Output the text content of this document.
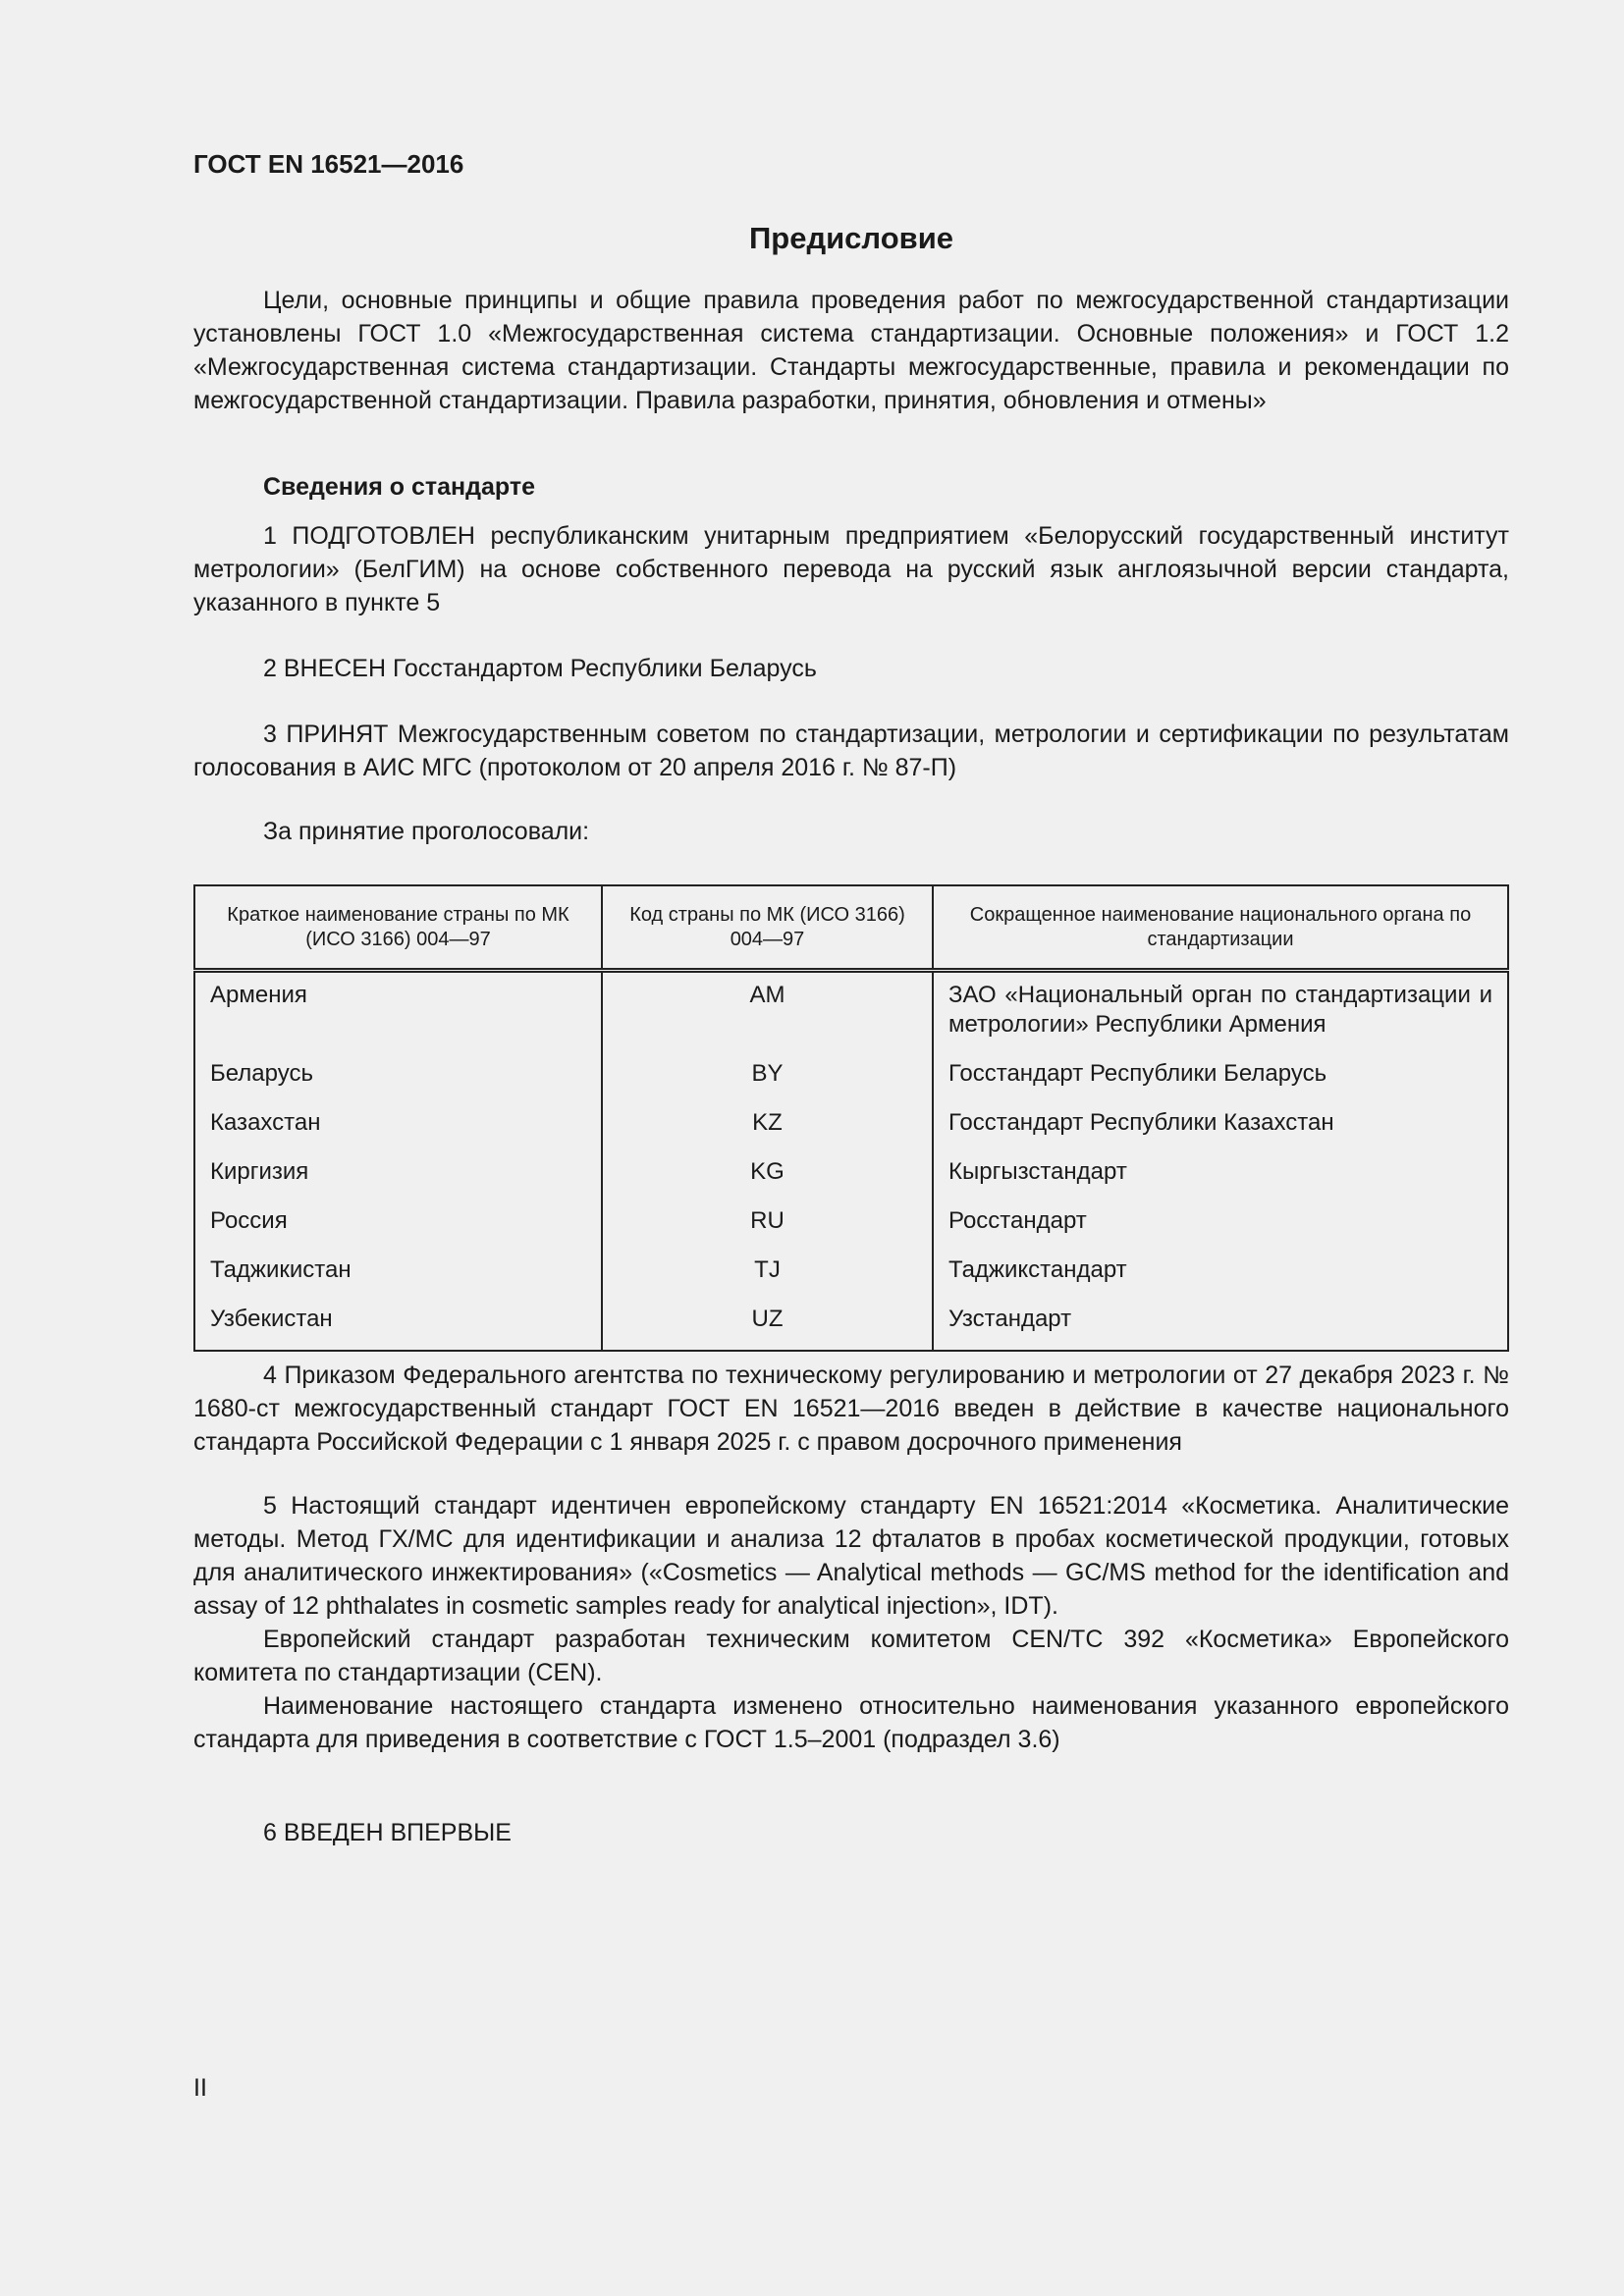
ГОСТ EN 16521—2016
Предисловие

Цели, основные принципы и общие правила проведения работ по межгосударственной стандартизации установлены ГОСТ 1.0 «Межгосударственная система стандартизации. Основные положения» и ГОСТ 1.2 «Межгосударственная система стандартизации. Стандарты межгосударственные, правила и рекомендации по межгосударственной стандартизации. Правила разработки, принятия, обновления и отмены»

Сведения о стандарте

1 ПОДГОТОВЛЕН республиканским унитарным предприятием «Белорусский государственный институт метрологии» (БелГИМ) на основе собственного перевода на русский язык англоязычной версии стандарта, указанного в пункте 5

2 ВНЕСЕН Госстандартом Республики Беларусь

3 ПРИНЯТ Межгосударственным советом по стандартизации, метрологии и сертификации по результатам голосования в АИС МГС (протоколом от 20 апреля 2016 г. № 87-П)

За принятие проголосовали:

Краткое наименование страны по МК (ИСО 3166) 004—97	Код страны по МК (ИСО 3166) 004—97	Сокращенное наименование национального органа по стандартизации
Армения	AM	ЗАО «Национальный орган по стандартизации и метрологии» Республики Армения
Беларусь	BY	Госстандарт Республики Беларусь
Казахстан	KZ	Госстандарт Республики Казахстан
Киргизия	KG	Кыргызстандарт
Россия	RU	Росстандарт
Таджикистан	TJ	Таджикстандарт
Узбекистан	UZ	Узстандарт

4 Приказом Федерального агентства по техническому регулированию и метрологии от 27 декабря 2023 г. № 1680-ст межгосударственный стандарт ГОСТ EN 16521—2016 введен в действие в качестве национального стандарта Российской Федерации с 1 января 2025 г. с правом досрочного применения

5 Настоящий стандарт идентичен европейскому стандарту EN 16521:2014 «Косметика. Аналитические методы. Метод ГХ/МС для идентификации и анализа 12 фталатов в пробах косметической продукции, готовых для аналитического инжектирования» («Cosmetics — Analytical methods — GC/MS method for the identification and assay of 12 phthalates in cosmetic samples ready for analytical injection», IDT).

Европейский стандарт разработан техническим комитетом CEN/TC 392 «Косметика» Европейского комитета по стандартизации (CEN).

Наименование настоящего стандарта изменено относительно наименования указанного европейского стандарта для приведения в соответствие с ГОСТ 1.5–2001 (подраздел 3.6)

6 ВВЕДЕН ВПЕРВЫЕ

II
